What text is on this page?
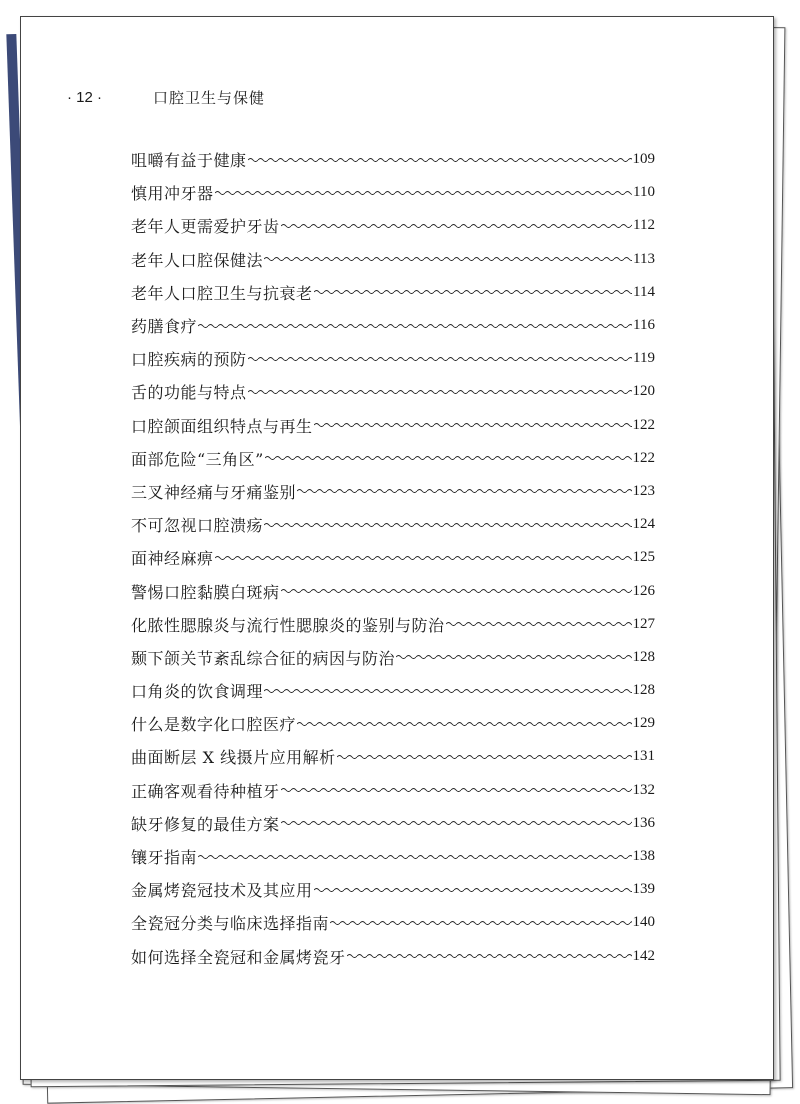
· 12 ·	口腔卫生与保健
咀嚼有益于健康	109
慎用冲牙器	110
老年人更需爱护牙齿	112
老年人口腔保健法	113
老年人口腔卫生与抗衰老	114
药膳食疗	116
口腔疾病的预防	119
舌的功能与特点	120
口腔颌面组织特点与再生	122
面部危险“三角区”	122
三叉神经痛与牙痛鉴别	123
不可忽视口腔溃疡	124
面神经麻痹	125
警惕口腔黏膜白斑病	126
化脓性腮腺炎与流行性腮腺炎的鉴别与防治	127
颞下颌关节紊乱综合征的病因与防治	128
口角炎的饮食调理	128
什么是数字化口腔医疗	129
曲面断层 X 线摄片应用解析	131
正确客观看待种植牙	132
缺牙修复的最佳方案	136
镶牙指南	138
金属烤瓷冠技术及其应用	139
全瓷冠分类与临床选择指南	140
如何选择全瓷冠和金属烤瓷牙	142
